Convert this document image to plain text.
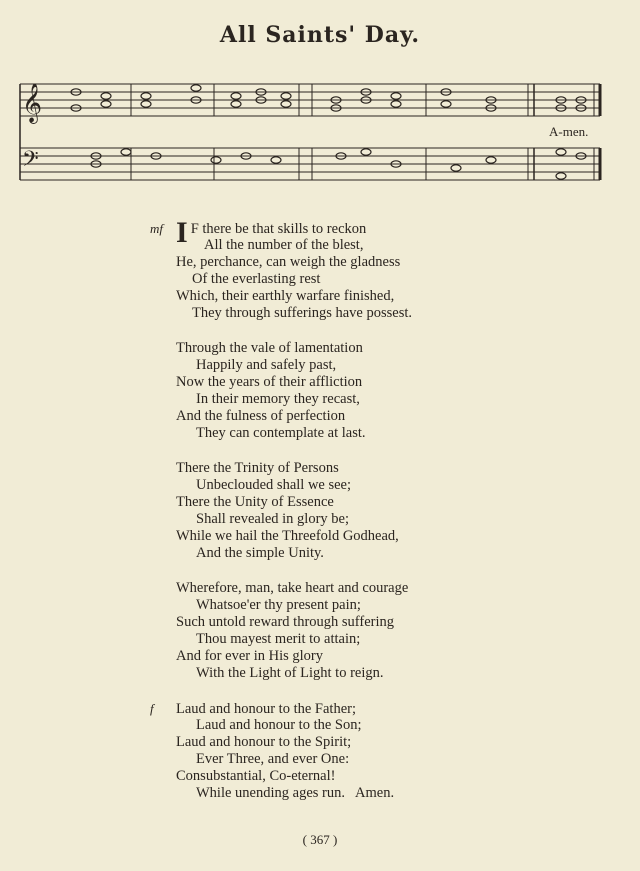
All Saints' Day.
𝄞
𝄢
A-men.
mf I F there be that skills to reckon
All the number of the blest,
He, perchance, can weigh the gladness
Of the everlasting rest
Which, their earthly warfare finished,
They through sufferings have possest.
Through the vale of lamentation
Happily and safely past,
Now the years of their affliction
In their memory they recast,
And the fulness of perfection
They can contemplate at last.
There the Trinity of Persons
Unbeclouded shall we see;
There the Unity of Essence
Shall revealed in glory be;
While we hail the Threefold Godhead,
And the simple Unity.
Wherefore, man, take heart and courage
Whatsoe'er thy present pain;
Such untold reward through suffering
Thou mayest merit to attain;
And for ever in His glory
With the Light of Light to reign.
f Laud and honour to the Father;
Laud and honour to the Son;
Laud and honour to the Spirit;
Ever Three, and ever One:
Consubstantial, Co-eternal!
While unending ages run.   Amen.
( 367 )
